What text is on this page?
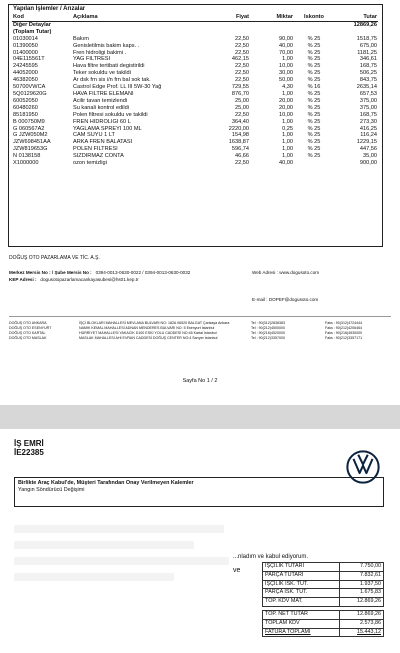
Yapılan İşlemler / Arızalar
Kod	Açıklama	Fiyat	Miktar	İskonto	Tutar
Diğer Detaylar					12869,26
(Toplam Tutar)					
01030014	Bakım	22,50	90,00	% 25	1518,75
01390050	Genisletilmis bakim kaps. .	22,50	40,00	% 25	675,00
01400000	Fren hidroligi bakimi .	22,50	70,00	% 25	1181,25
04E115561T	YAĞ FİLTRESİ	462,15	1,00	% 25	346,61
24245595	Hava filtre tertibati degistirildi	22,50	10,00	% 25	168,75
44052000	Teker sokuldu ve takildi	22,50	30,00	% 25	506,25
46382050	Ar dsk frn sis i/n frn bal sok tak.	22,50	50,00	% 25	843,75
50700VWCA	Castrol Edge Prof. LL III 5W-30 Yağ	729,55	4,30	% 16	2635,14
5Q0129620G	HAVA FİLTRE ELEMANI	876,70	1,00	% 25	657,53
60052050	Acilir tavan temizlendi	25,00	20,00	% 25	375,00
60480260	Su kanali kontrol edildi	25,00	20,00	% 25	375,00
85181950	Polen filtresi sokuldu ve takildi	22,50	10,00	% 25	168,75
B 000750M9	FREN HİDROLİĞİ 60 L	364,40	1,00	% 25	273,30
G 060567A2	YAĞLAMA SPREYİ 100 ML	2220,00	0,25	% 25	416,25
G JZW050M2	CAM SUYU 1 LT	154,98	1,00	% 25	116,24
JZW698451AA	ARKA FREN BALATASI	1638,87	1,00	% 25	1229,15
JZW819653G	POLEN FİLTRESİ	596,74	1,00	% 25	447,56
N 0138158	SIZDIRMAZ CONTA	46,66	1,00	% 25	35,00
X1000000	ozon temizligi	22,50	40,00		900,00
DOĞUŞ OTO PAZARLAMA VE TİC. A.Ş.
Merkez Mersis No : / Şube Mersis No : 0394-0013-0630-0022 / 0394-0013-0630-0032
KEP Adresi : dogusotopazarlamacankayasubesi@hs01.kep.tr
Web Adresi : www.dogusoto.com
E-mail : DOPEF@dogusoto.com
DOĞUŞ OTO ANKARA	İŞÇİ BLOKLARI MAHALLESİ MEVLANA BULVARI NO: 182A 06520 BALGAT Çankaya Ankara	Tel : 90(312)2838383	Faks : 90(312)4724444
DOĞUŞ OTO ESENYURT	NAMIK KEMAL MAHALLESİ ADNAN MENDERES BULVARI NO: 5 Esenyurt İstanbul	Tel : 90(212)4500000	Faks : 90(212)4206464
DOĞUŞ OTO KARTAL	HÜRRİYET MAHALLESİ YAKACIK D100 ESKİ YOLU CADDESİ NO:45 Kartal İstanbul	Tel : 90(216)4520000	Faks : 90(216)4530000
DOĞUŞ OTO MASLAK	MASLAK MAHALLESİ AHİ EVRAN CADDESİ DOĞUŞ CENTER NO:4 Sarıyer İstanbul	Tel : 90(212)3357000	Faks : 90(212)3357171
Sayfa No 1 / 2
İŞ EMRİ
İE22385
Birlikte Araç Kabul'de, Müşteri Tarafından Onay Verilmeyen Kalemler
Yangın Söndürücü Değişimi
...nladım ve kabul ediyorum.
ve
İŞÇİLİK TUTARI	7.750,00
PARÇA TUTARI	7.832,61
İŞÇİLİK İSK. TUT.	1.937,50
PARÇA İSK. TUT.	1.675,83
TOP. KDV MAT.	12.869,26

TOP. NET TUTAR	12.869,26
TOPLAM KDV	2.573,86
FATURA TOPLAMI	15.443,12
